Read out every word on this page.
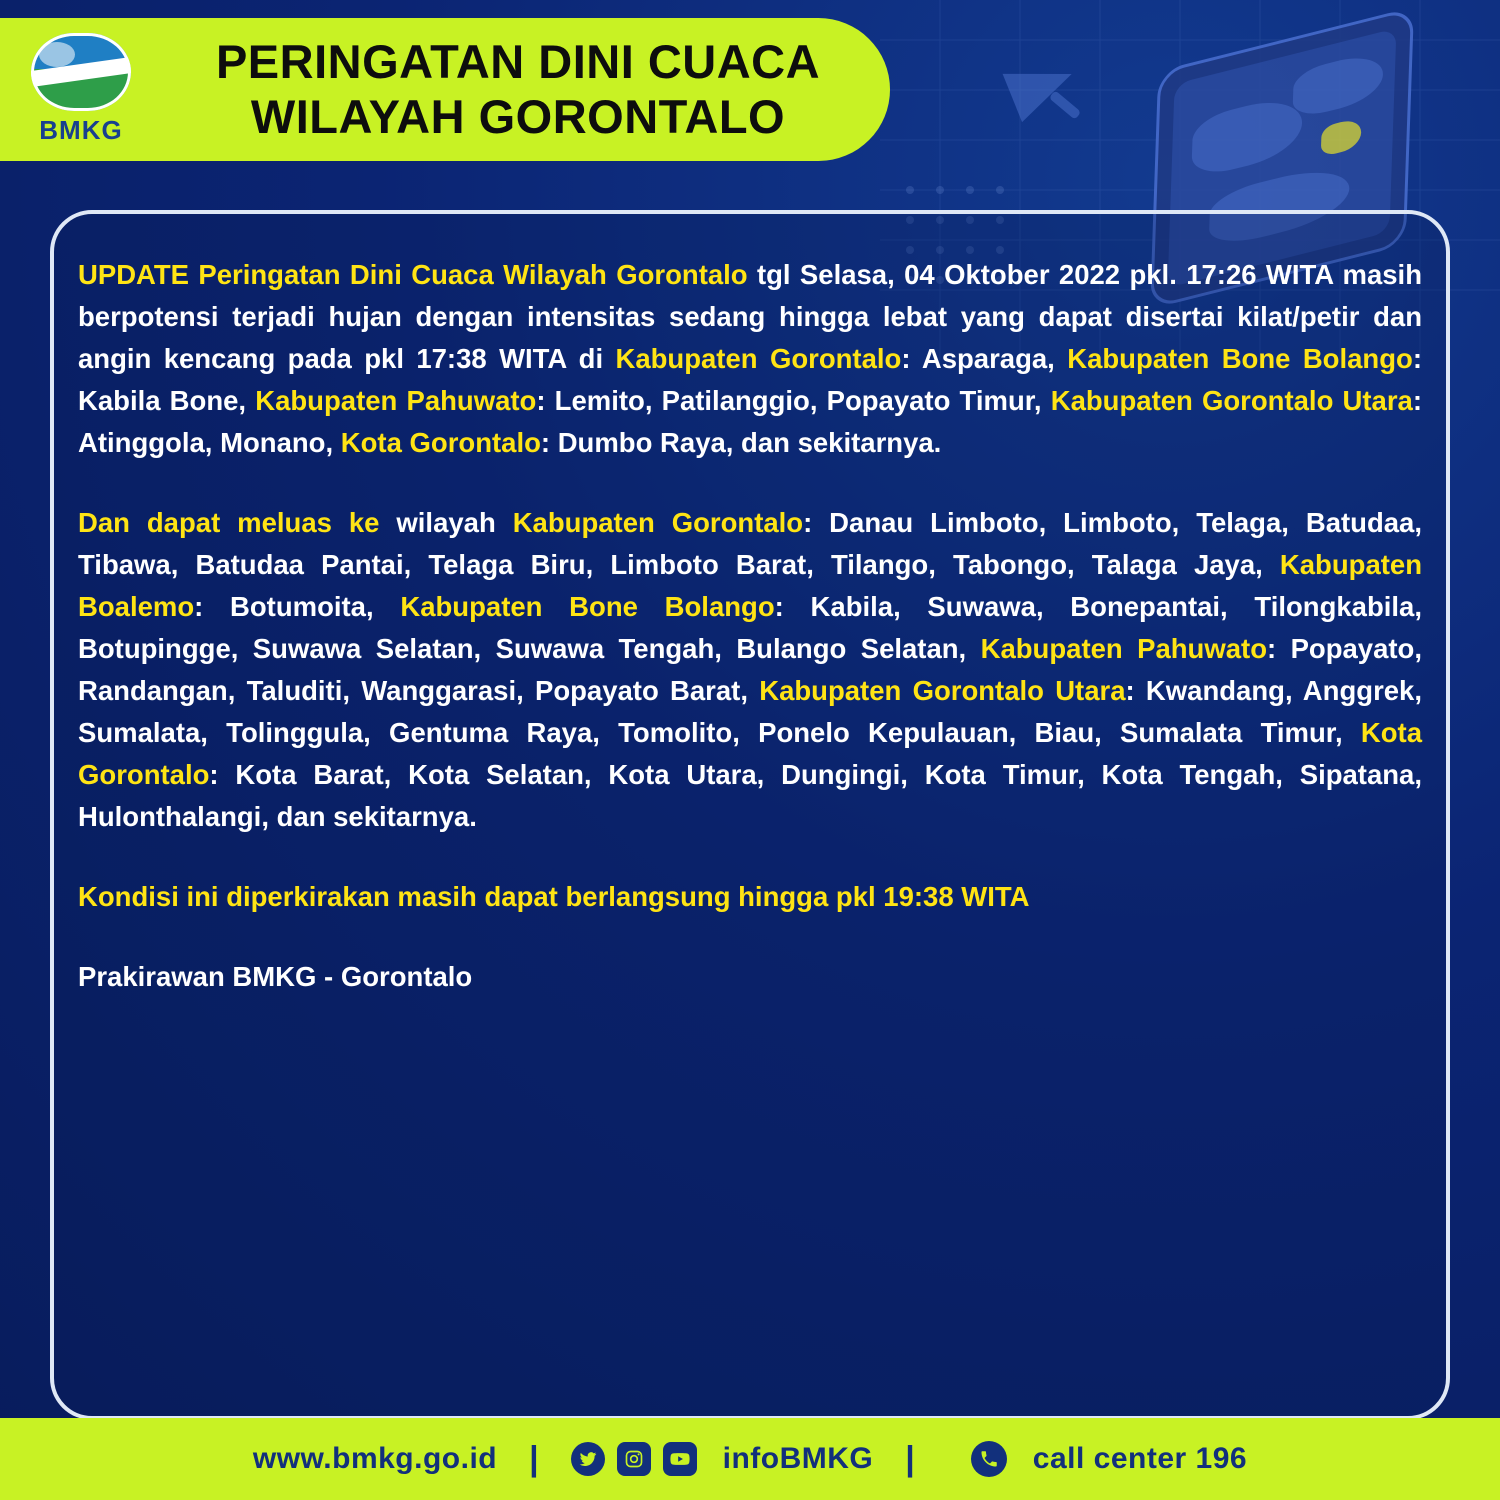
BMKG
PERINGATAN DINI CUACA
WILAYAH GORONTALO

UPDATE Peringatan Dini Cuaca Wilayah Gorontalo tgl Selasa, 04 Oktober 2022 pkl. 17:26 WITA masih berpotensi terjadi hujan dengan intensitas sedang hingga lebat yang dapat disertai kilat/petir dan angin kencang pada pkl 17:38 WITA di Kabupaten Gorontalo: Asparaga, Kabupaten Bone Bolango: Kabila Bone, Kabupaten Pahuwato: Lemito, Patilanggio, Popayato Timur, Kabupaten Gorontalo Utara: Atinggola, Monano, Kota Gorontalo: Dumbo Raya, dan sekitarnya.

Dan dapat meluas ke wilayah Kabupaten Gorontalo: Danau Limboto, Limboto, Telaga, Batudaa, Tibawa, Batudaa Pantai, Telaga Biru, Limboto Barat, Tilango, Tabongo, Talaga Jaya, Kabupaten Boalemo: Botumoita, Kabupaten Bone Bolango: Kabila, Suwawa, Bonepantai, Tilongkabila, Botupingge, Suwawa Selatan, Suwawa Tengah, Bulango Selatan, Kabupaten Pahuwato: Popayato, Randangan, Taluditi, Wanggarasi, Popayato Barat, Kabupaten Gorontalo Utara: Kwandang, Anggrek, Sumalata, Tolinggula, Gentuma Raya, Tomolito, Ponelo Kepulauan, Biau, Sumalata Timur, Kota Gorontalo: Kota Barat, Kota Selatan, Kota Utara, Dungingi, Kota Timur, Kota Tengah, Sipatana, Hulonthalangi, dan sekitarnya.

Kondisi ini diperkirakan masih dapat berlangsung hingga pkl 19:38 WITA

Prakirawan BMKG - Gorontalo

www.bmkg.go.id |	infoBMKG |	call center 196
